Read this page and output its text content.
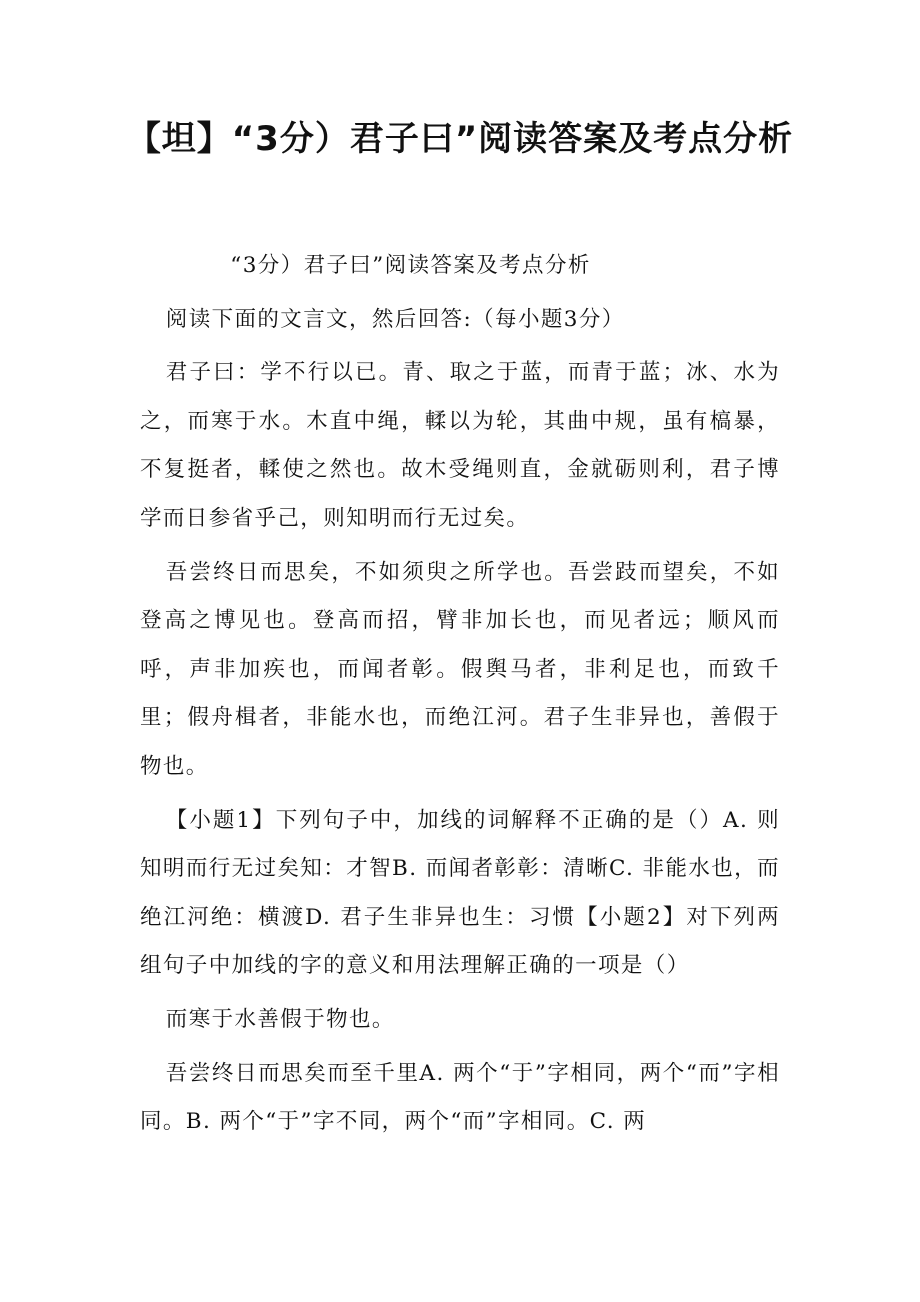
【坦】“3分）君子曰”阅读答案及考点分析

“3分）君子曰”阅读答案及考点分析

阅读下面的文言文，然后回答:（每小题3分）

君子曰：学不行以已。青、取之于蓝，而青于蓝；冰、水为之，而寒于水。木直中绳，輮以为轮，其曲中规，虽有槁暴，不复挺者，輮使之然也。故木受绳则直，金就砺则利，君子博学而日参省乎己，则知明而行无过矣。

吾尝终日而思矣，不如须臾之所学也。吾尝跂而望矣，不如登高之博见也。登高而招，臂非加长也，而见者远；顺风而呼，声非加疾也，而闻者彰。假舆马者，非利足也，而致千里；假舟楫者，非能水也，而绝江河。君子生非异也，善假于物也。

【小题1】下列句子中，加线的词解释不正确的是（）A. 则知明而行无过矣知：才智B. 而闻者彰彰：清晰C. 非能水也，而绝江河绝：横渡D. 君子生非异也生：习惯【小题2】对下列两组句子中加线的字的意义和用法理解正确的一项是（）

而寒于水善假于物也。

吾尝终日而思矣而至千里A. 两个“于”字相同，两个“而”字相同。B. 两个“于”字不同，两个“而”字相同。C. 两
